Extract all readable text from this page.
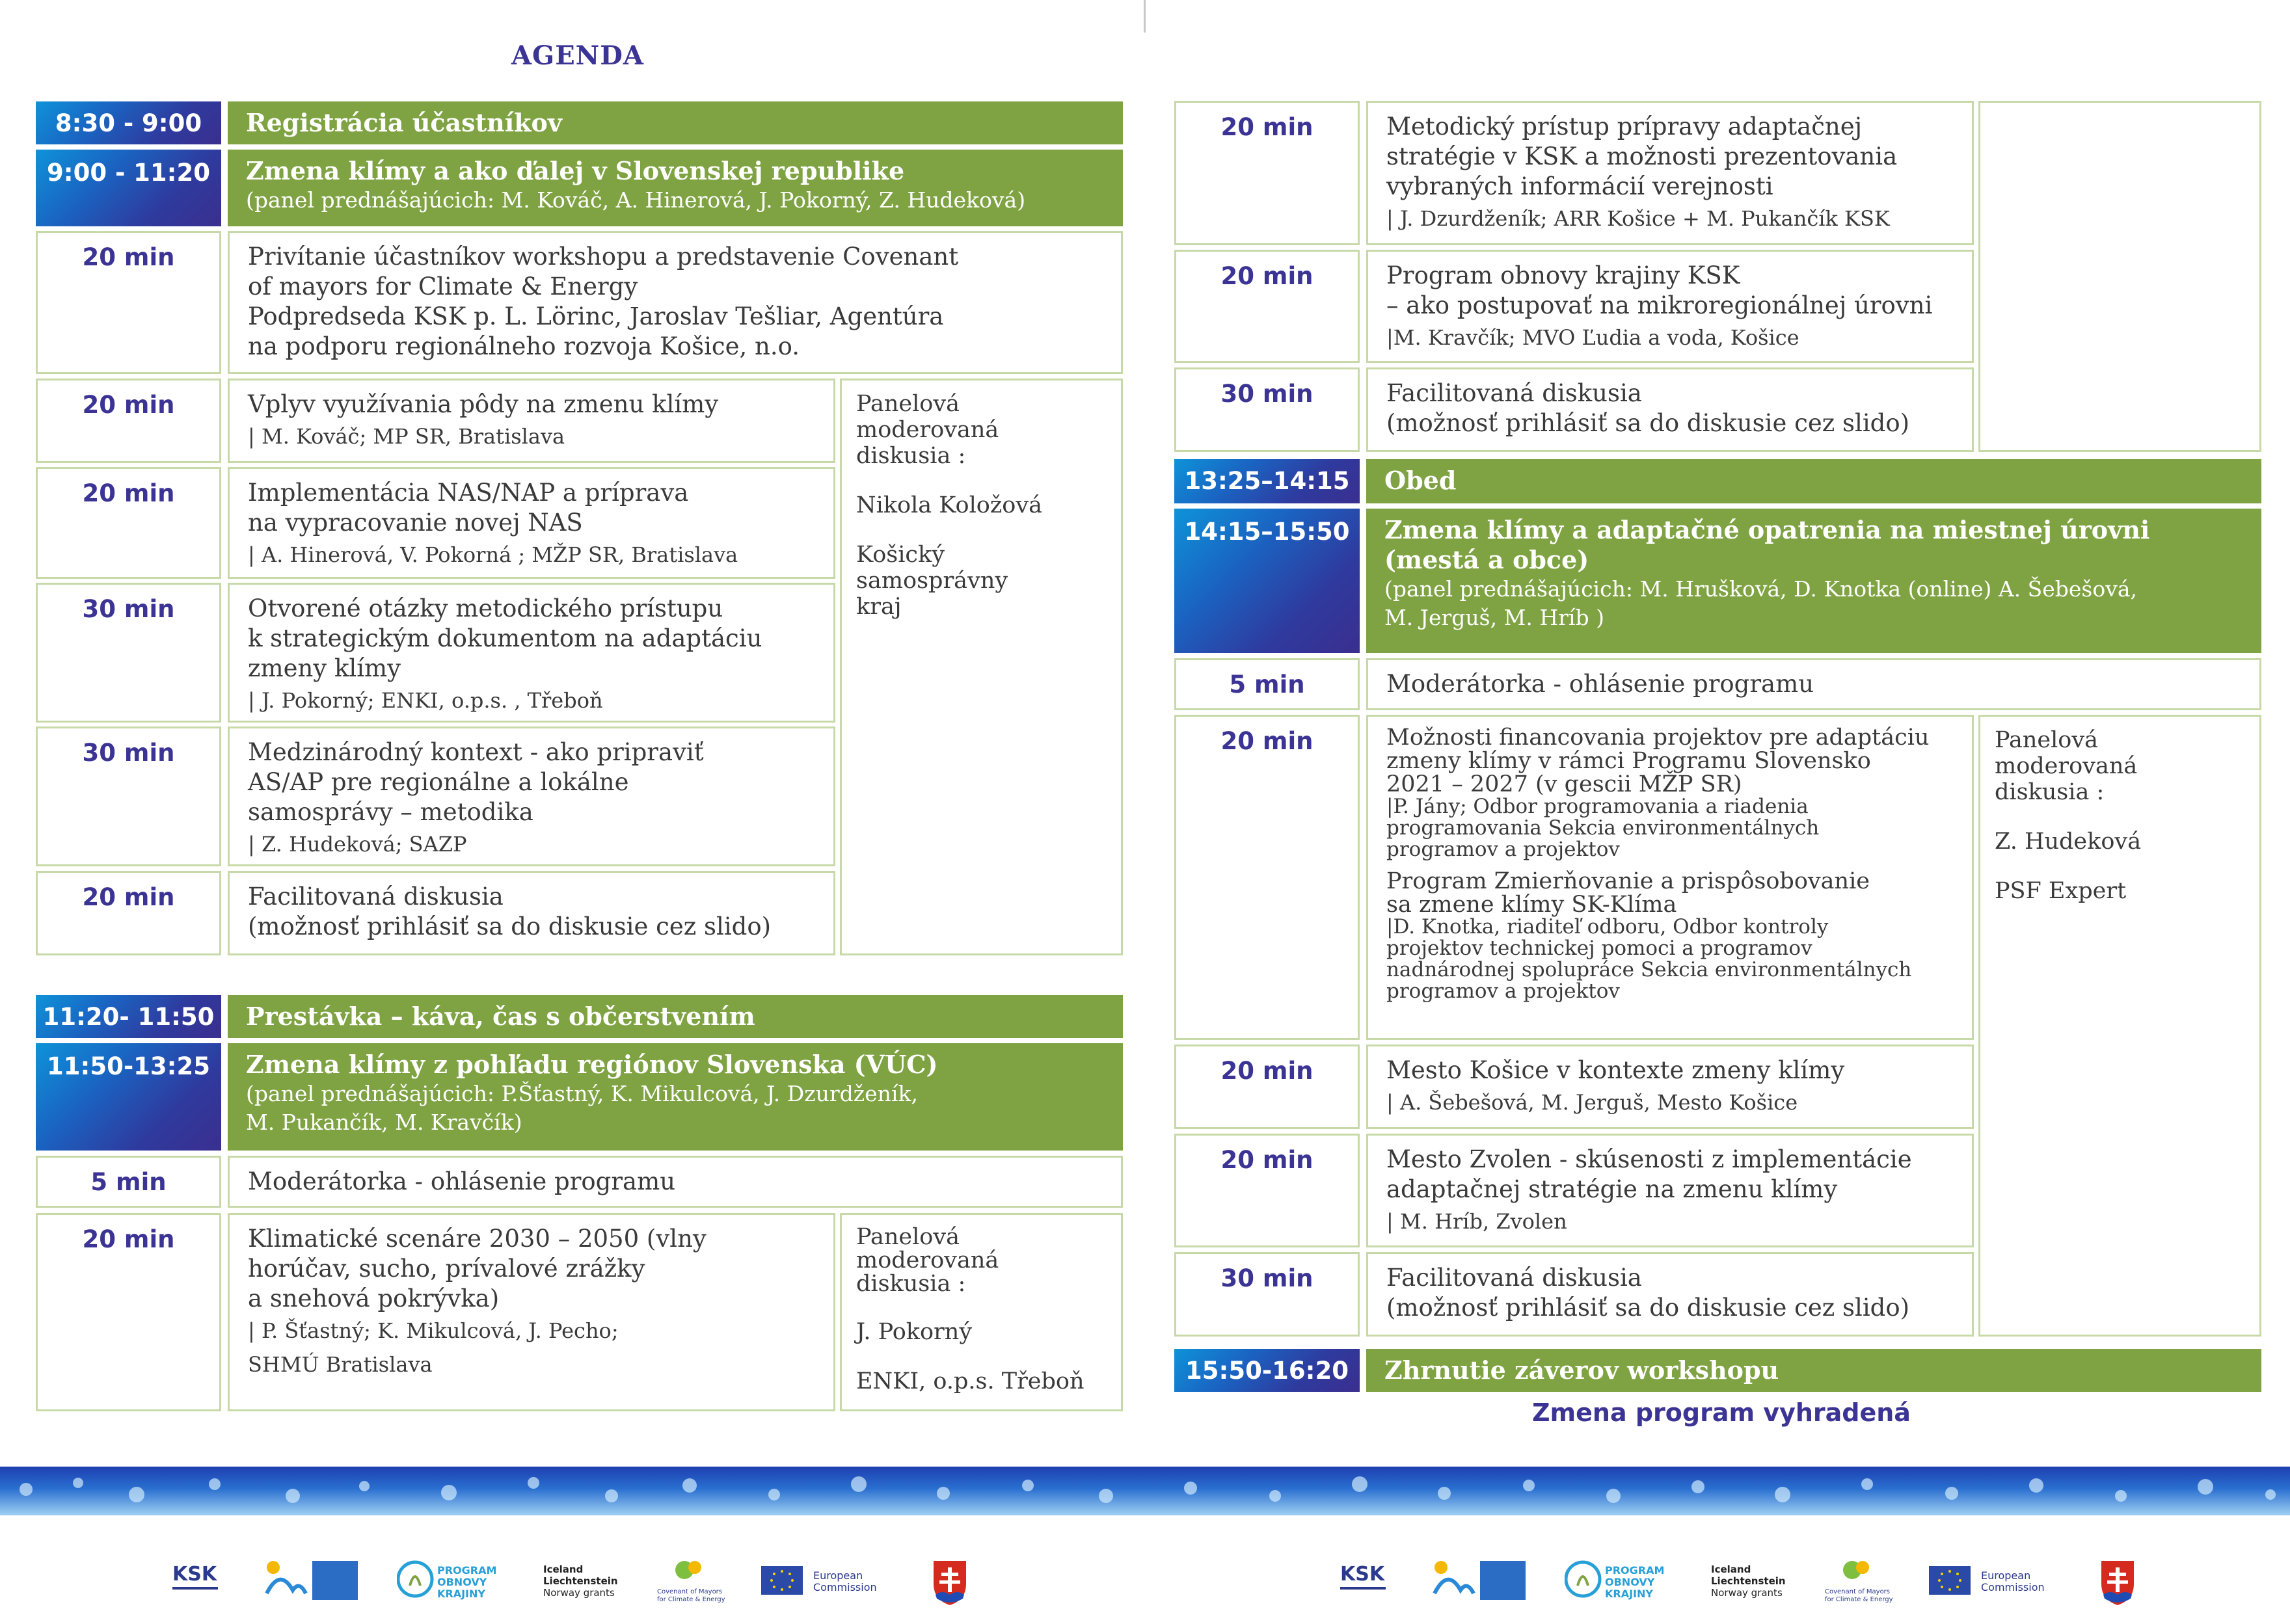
AGENDA
8:30 - 9:00	Registrácia účastníkov
9:00 - 11:20	Zmena klímy a ako ďalej v Slovenskej republike
(panel prednášajúcich: M. Kováč, A. Hinerová, J. Pokorný, Z. Hudeková)
20 min	Privítanie účastníkov workshopu a predstavenie Covenant
of mayors for Climate & Energy
Podpredseda KSK p. L. Lörinc, Jaroslav Tešliar, Agentúra
na podporu regionálneho rozvoja Košice, n.o.
20 min	Vplyv využívania pôdy na zmenu klímy
| M. Kováč; MP SR, Bratislava
20 min	Implementácia NAS/NAP a príprava
na vypracovanie novej NAS
| A. Hinerová, V. Pokorná ; MŽP SR, Bratislava
30 min	Otvorené otázky metodického prístupu
k strategickým dokumentom na adaptáciu
zmeny klímy
| J. Pokorný; ENKI, o.p.s. , Třeboň
30 min	Medzinárodný kontext - ako pripraviť
AS/AP pre regionálne a lokálne
samosprávy – metodika
| Z. Hudeková; SAZP
20 min	Facilitovaná diskusia
(možnosť prihlásiť sa do diskusie cez slido)
Panelová
moderovaná
diskusia :
Nikola Koložová
Košický
samosprávny
kraj
11:20- 11:50 Prestávka – káva, čas s občerstvením
11:50-13:25	Zmena klímy z pohľadu regiónov Slovenska (VÚC)
(panel prednášajúcich: P.Šťastný, K. Mikulcová, J. Dzurdženík,
M. Pukančík, M. Kravčík)
5 min	Moderátorka - ohlásenie programu
20 min	Klimatické scenáre 2030 – 2050 (vlny
horúčav, sucho, prívalové zrážky
a snehová pokrývka)
| P. Šťastný; K. Mikulcová, J. Pecho;
SHMÚ Bratislava
Panelová
moderovaná
diskusia :
J. Pokorný
ENKI, o.p.s. Třeboň
20 min	Metodický prístup prípravy adaptačnej
stratégie v KSK a možnosti prezentovania
vybraných informácií verejnosti
| J. Dzurdženík; ARR Košice + M. Pukančík KSK
20 min	Program obnovy krajiny KSK
– ako postupovať na mikroregionálnej úrovni
|M. Kravčík; MVO Ľudia a voda, Košice
30 min	Facilitovaná diskusia
(možnosť prihlásiť sa do diskusie cez slido)
13:25–14:15	Obed
14:15–15:50	Zmena klímy a adaptačné opatrenia na miestnej úrovni
(mestá a obce)
(panel prednášajúcich: M. Hrušková, D. Knotka (online) A. Šebešová,
M. Jerguš, M. Hríb )
5 min	Moderátorka - ohlásenie programu
20 min	Možnosti financovania projektov pre adaptáciu
zmeny klímy v rámci Programu Slovensko
2021 – 2027 (v gescii MŽP SR)
|P. Jány; Odbor programovania a riadenia
programovania Sekcia environmentálnych
programov a projektov
Program Zmierňovanie a prispôsobovanie
sa zmene klímy SK-Klíma
|D. Knotka, riaditeľ odboru, Odbor kontroly
projektov technickej pomoci a programov
nadnárodnej spolupráce Sekcia environmentálnych
programov a projektov
20 min	Mesto Košice v kontexte zmeny klímy
| A. Šebešová, M. Jerguš, Mesto Košice
20 min	Mesto Zvolen - skúsenosti z implementácie
adaptačnej stratégie na zmenu klímy
| M. Hríb, Zvolen
30 min	Facilitovaná diskusia
(možnosť prihlásiť sa do diskusie cez slido)
Panelová
moderovaná
diskusia :
Z. Hudeková
PSF Expert
15:50-16:20	Zhrnutie záverov workshopu
Zmena program vyhradená
KSK	PROGRAM
OBNOVY
KRAJINY
Iceland
Liechtenstein
Norway grants	Covenant of Mayors
for Climate & Energy
European
Commission
KSK	PROGRAM
OBNOVY
KRAJINY
Iceland
Liechtenstein
Norway grants	Covenant of Mayors
for Climate & Energy
European
Commission
